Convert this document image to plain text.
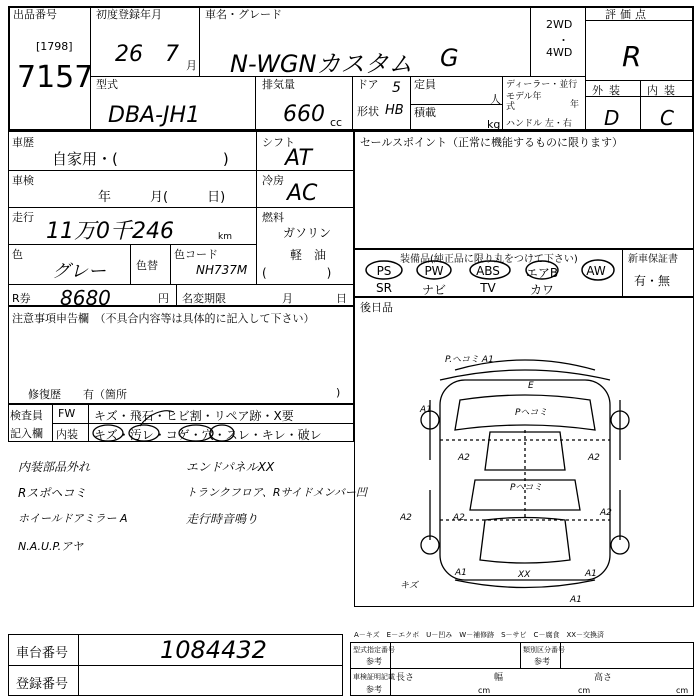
出品番号
[1798]
7157
初度登録年月
26 7 月
車名・グレード
N-WGNカスタム G
2WD
・
4WD
評価点
R
型式
DBA-JH1
排気量
660 cc
ドア 5
形状 HB
定員
人
積載
kg
ディーラー・並行
モデル年式	年
ハンドル 左・右
外装 内装
D C
車歴
自家用・(　　　　　　　)
車検
年　　　月(　　　日)
走行
11万0千246	km
色
グレー	色替
色コード
NH737M
シフト
AT
冷房
AC
燃料
ガソリン
軽　油
(　　　　　)
R券 8680	円 名変期限	月	日
注意事項申告欄　（不具合内容等は具体的に記入して下さい）
修復歴　　有（箇所	)
セールスポイント（正常に機能するものに限ります）
装備品(純正品に限り丸をつけて下さい)	新車保証書
有・無
PS	PW	ABS	エアB	AW
SR	ナビ	TV	カワ
後日品
検査員
記入欄
FW キズ・飛石・ヒビ割・リペア跡・X要
内装 キズ・汚レ・コゲ・穴・スレ・キレ・破レ
内装部品外れ
Rスポヘコミ
ホイールドアミラー A
N.A.U.P.アヤ
エンドパネルXX
トランクフロア、Rサイドメンバー凹
走行時音鳴り
P.ヘコミ A1
E
Pヘコミ
A1
A2	A2
A2	A2
Pヘコミ
A2
A1	A1
XX
A1
キズ
車台番号	1084432
登録番号
A－キズ　E－エクボ　U－凹み　W－補修跡　S－サビ　C－腐食　XX－交換済
型式指定番号
参考
類別区分番号
参考
車検証明記載
参考
長さ
cm
幅
cm
高さ
cm
